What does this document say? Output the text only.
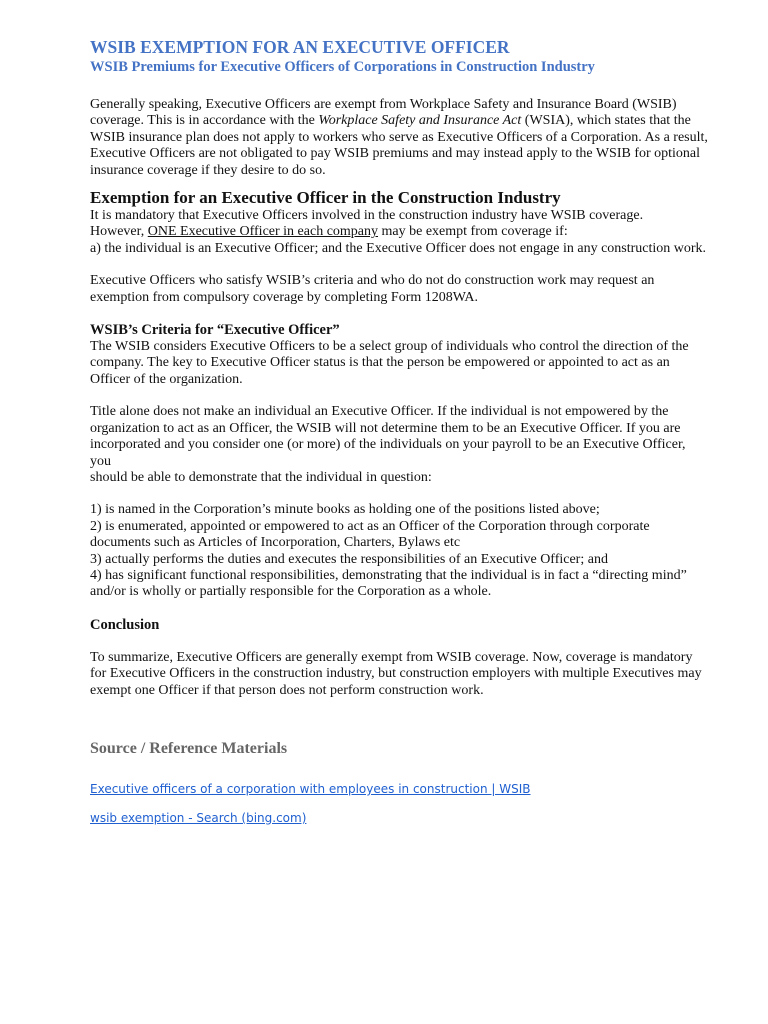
WSIB EXEMPTION FOR AN EXECUTIVE OFFICER
WSIB Premiums for Executive Officers of Corporations in Construction Industry
Generally speaking, Executive Officers are exempt from Workplace Safety and Insurance Board (WSIB)
coverage. This is in accordance with the Workplace Safety and Insurance Act (WSIA), which states that the
WSIB insurance plan does not apply to workers who serve as Executive Officers of a Corporation. As a result,
Executive Officers are not obligated to pay WSIB premiums and may instead apply to the WSIB for optional
insurance coverage if they desire to do so.
Exemption for an Executive Officer in the Construction Industry
It is mandatory that Executive Officers involved in the construction industry have WSIB coverage.
However, ONE Executive Officer in each company may be exempt from coverage if:
a) the individual is an Executive Officer; and the Executive Officer does not engage in any construction work.
Executive Officers who satisfy WSIB’s criteria and who do not do construction work may request an
exemption from compulsory coverage by completing Form 1208WA.
WSIB’s Criteria for “Executive Officer”
The WSIB considers Executive Officers to be a select group of individuals who control the direction of the
company. The key to Executive Officer status is that the person be empowered or appointed to act as an
Officer of the organization.
Title alone does not make an individual an Executive Officer. If the individual is not empowered by the
organization to act as an Officer, the WSIB will not determine them to be an Executive Officer. If you are
incorporated and you consider one (or more) of the individuals on your payroll to be an Executive Officer, you
should be able to demonstrate that the individual in question:
1) is named in the Corporation’s minute books as holding one of the positions listed above;
2) is enumerated, appointed or empowered to act as an Officer of the Corporation through corporate
documents such as Articles of Incorporation, Charters, Bylaws etc
3) actually performs the duties and executes the responsibilities of an Executive Officer; and
4) has significant functional responsibilities, demonstrating that the individual is in fact a “directing mind”
and/or is wholly or partially responsible for the Corporation as a whole.
Conclusion
To summarize, Executive Officers are generally exempt from WSIB coverage. Now, coverage is mandatory
for Executive Officers in the construction industry, but construction employers with multiple Executives may
exempt one Officer if that person does not perform construction work.
Source / Reference Materials
Executive officers of a corporation with employees in construction | WSIB
wsib exemption - Search (bing.com)
